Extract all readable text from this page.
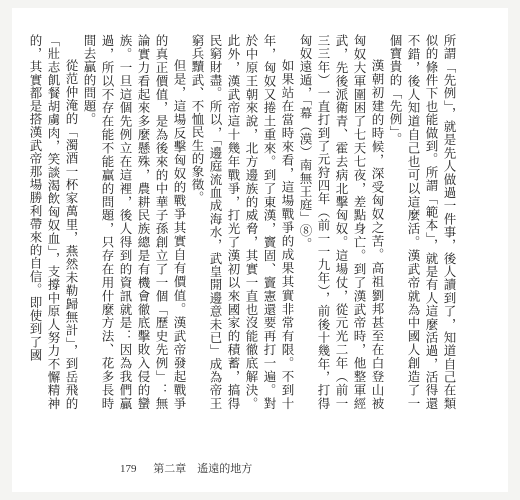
所謂「先例」，就是先人做過一件事，後人讀到了，知道自己在類似的條件下也能做到。所謂「範本」，就是有人這麼活過，活得還不錯，後人知道自己也可以這麼活。漢武帝就為中國人創造了一個寶貴的「先例」。

漢朝初建的時候，深受匈奴之苦。高祖劉邦甚至在白登山被匈奴大軍圍困了七天七夜，差點身亡。到了漢武帝時，他整軍經武，先後派衛青、霍去病北擊匈奴。這場仗，從元光二年（前一三三年）一直打到了元狩四年（前一一九年），前後十幾年，打得匈奴遠遁，「幕（漠）南無王庭」⑧。

如果站在當時來看，這場戰爭的成果其實非常有限。不到十年，匈奴又捲土重來。到了東漢，竇固、竇憲還要再打一遍。對於中原王朝來說，北方邊族的威脅，其實一直也沒能徹底解決。此外，漢武帝這十幾年戰爭，打光了漢初以來國家的積蓄，搞得民窮財盡。所以，「邊庭流血成海水，武皇開邊意未已」成為帝王窮兵黷武、不恤民生的象徵。

但是，這場反擊匈奴的戰爭其實自有價值。漢武帝發起戰爭的真正價值，是為後來的中華子孫創立了一個「歷史先例」：無論實力看起來多麼懸殊，農耕民族總是有機會徹底擊敗入侵的蠻族。一旦這個先例立在這裡，後人得到的資訊就是：因為我們贏過，所以不存在能不能贏的問題，只存在用什麼方法、花多長時間去贏的問題。

從范仲淹的「濁酒一杯家萬里，燕然未勒歸無計」，到岳飛的「壯志飢餐胡虜肉，笑談渴飲匈奴血」，支撐中原人努力不懈精神的，其實都是搭漢武帝那場勝利帶來的自信。即使到了國

179 第二章　遙遠的地方
